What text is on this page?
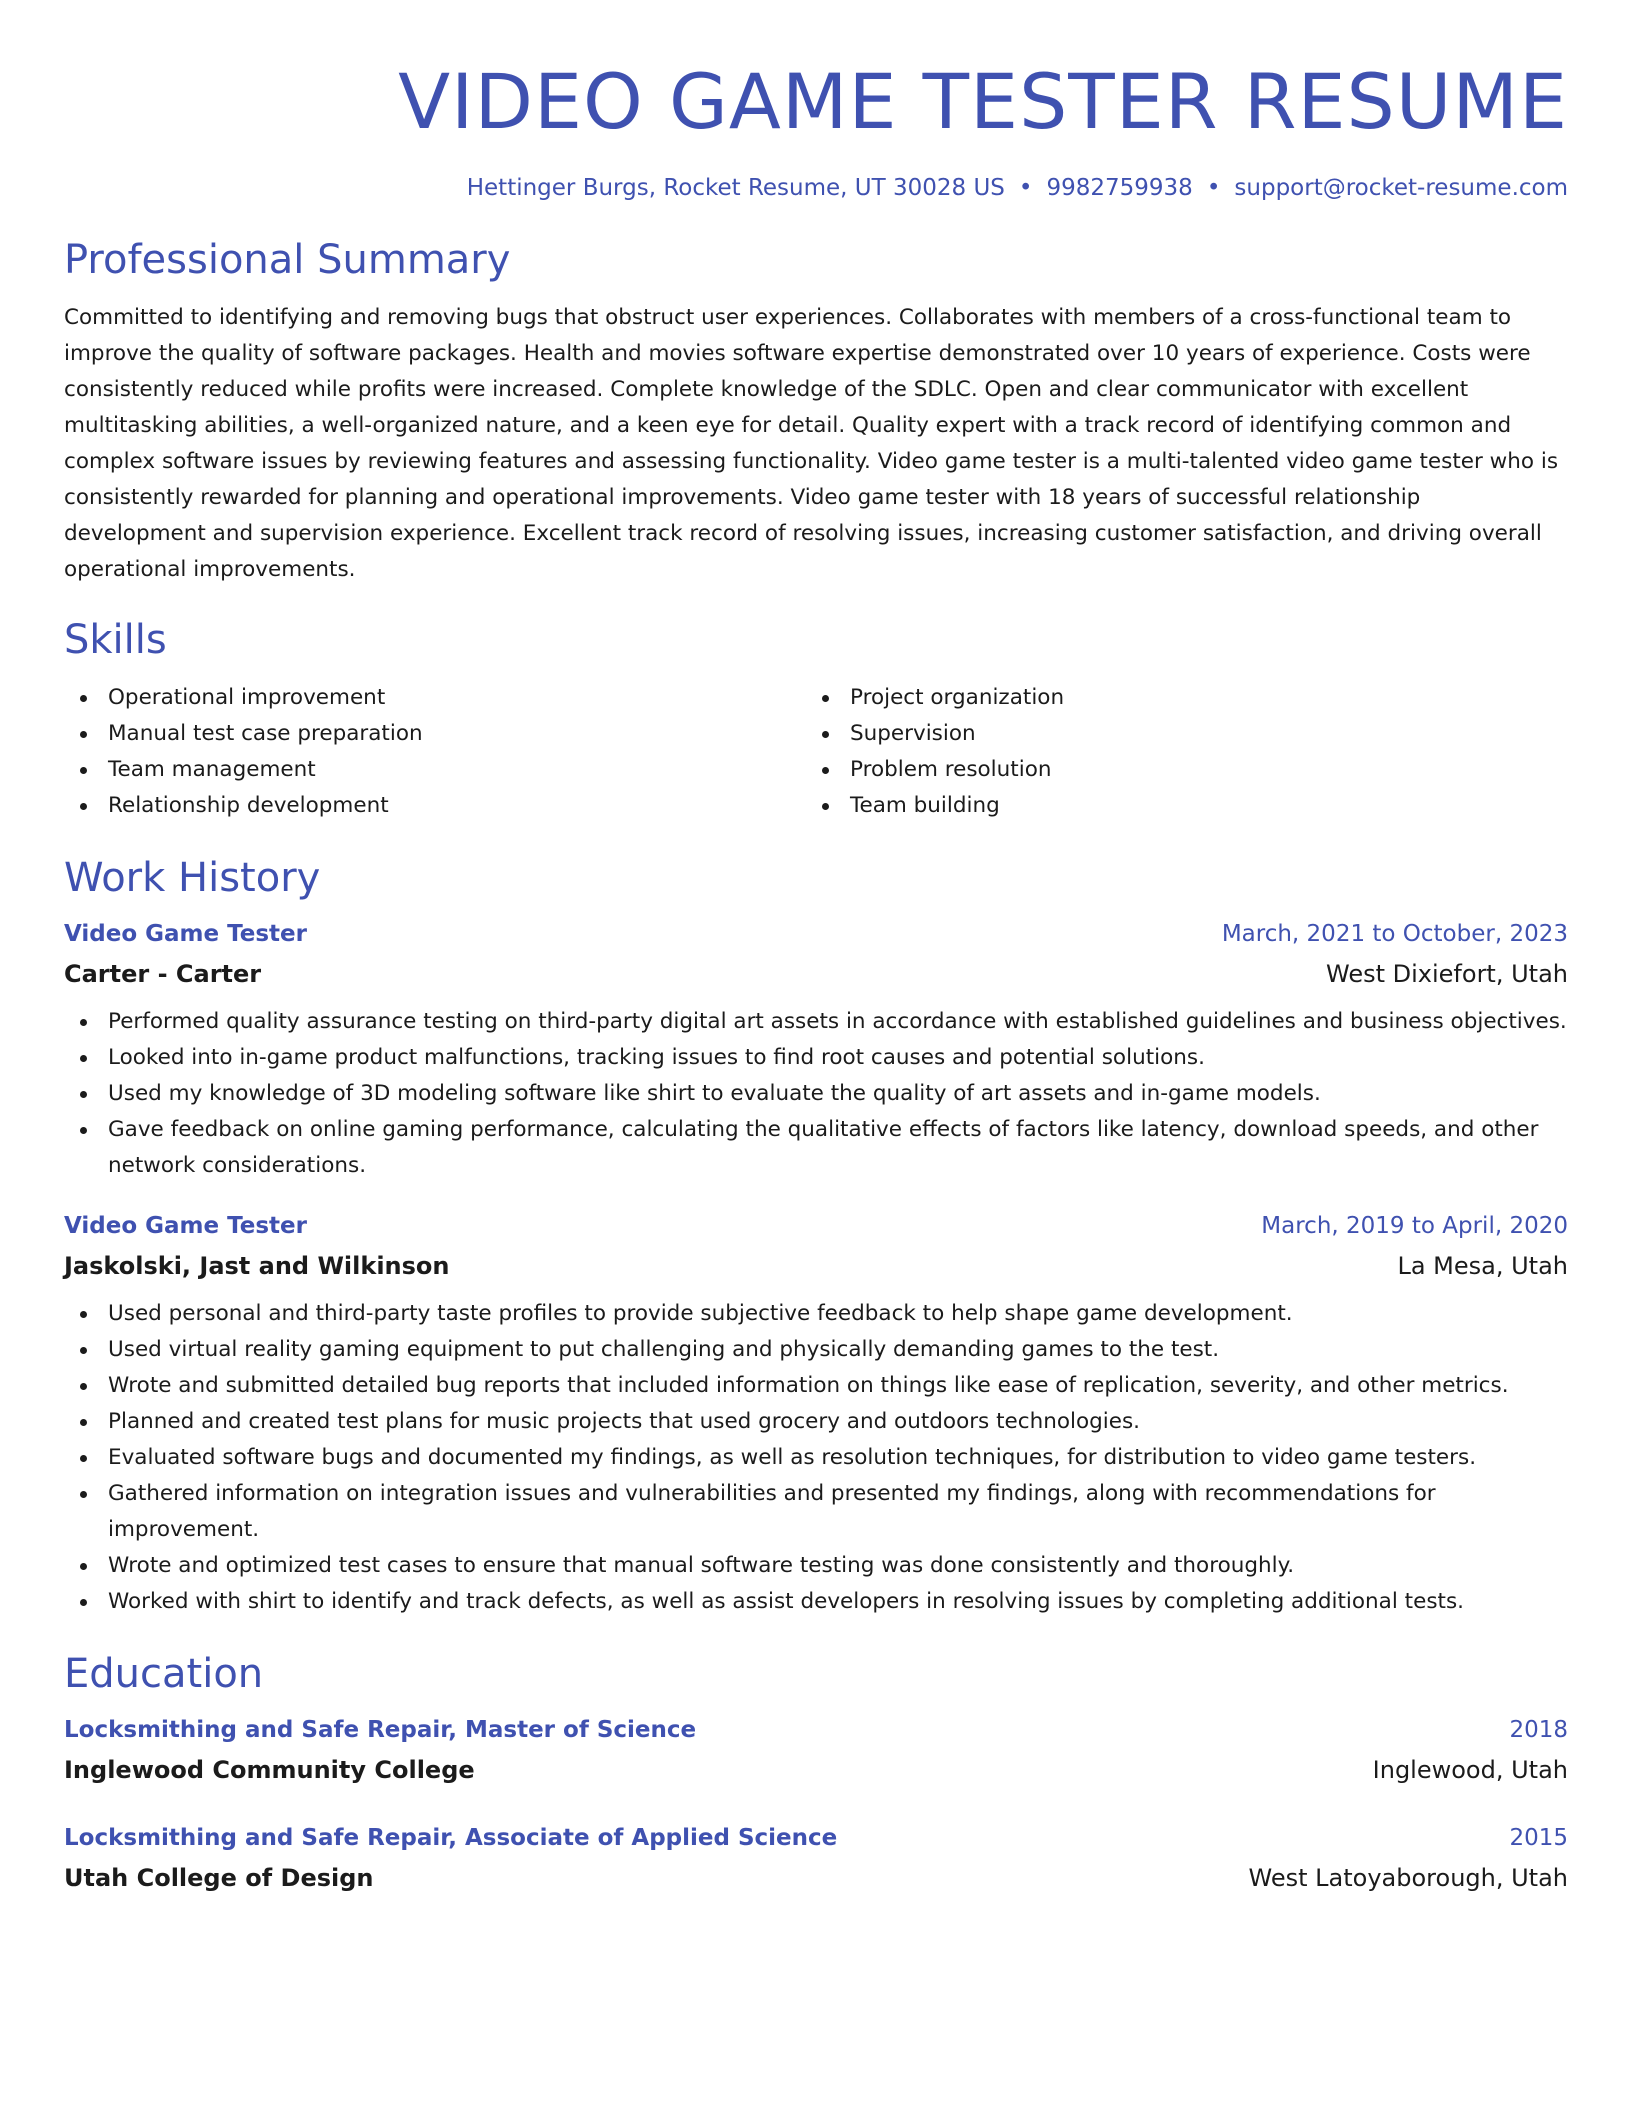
VIDEO GAME TESTER RESUME
Hettinger Burgs, Rocket Resume, UT 30028 US • 9982759938 • support@rocket-resume.com
Professional Summary

Committed to identifying and removing bugs that obstruct user experiences. Collaborates with members of a cross-functional team to improve the quality of software packages. Health and movies software expertise demonstrated over 10 years of experience. Costs were consistently reduced while profits were increased. Complete knowledge of the SDLC. Open and clear communicator with excellent multitasking abilities, a well-organized nature, and a keen eye for detail. Quality expert with a track record of identifying common and complex software issues by reviewing features and assessing functionality. Video game tester is a multi-talented video game tester who is consistently rewarded for planning and operational improvements. Video game tester with 18 years of successful relationship development and supervision experience. Excellent track record of resolving issues, increasing customer satisfaction, and driving overall operational improvements.

Skills
Operational improvement
Manual test case preparation
Team management
Relationship development
Project organization
Supervision
Problem resolution
Team building
Work History
Video Game Tester	March, 2021 to October, 2023
Carter - Carter	West Dixiefort, Utah
Performed quality assurance testing on third-party digital art assets in accordance with established guidelines and business objectives.
Looked into in-game product malfunctions, tracking issues to find root causes and potential solutions.
Used my knowledge of 3D modeling software like shirt to evaluate the quality of art assets and in-game models.
Gave feedback on online gaming performance, calculating the qualitative effects of factors like latency, download speeds, and other network considerations.
Video Game Tester	March, 2019 to April, 2020
Jaskolski, Jast and Wilkinson	La Mesa, Utah
Used personal and third-party taste profiles to provide subjective feedback to help shape game development.
Used virtual reality gaming equipment to put challenging and physically demanding games to the test.
Wrote and submitted detailed bug reports that included information on things like ease of replication, severity, and other metrics.
Planned and created test plans for music projects that used grocery and outdoors technologies.
Evaluated software bugs and documented my findings, as well as resolution techniques, for distribution to video game testers.
Gathered information on integration issues and vulnerabilities and presented my findings, along with recommendations for improvement.
Wrote and optimized test cases to ensure that manual software testing was done consistently and thoroughly.
Worked with shirt to identify and track defects, as well as assist developers in resolving issues by completing additional tests.
Education
Locksmithing and Safe Repair, Master of Science	2018
Inglewood Community College	Inglewood, Utah
Locksmithing and Safe Repair, Associate of Applied Science	2015
Utah College of Design	West Latoyaborough, Utah
